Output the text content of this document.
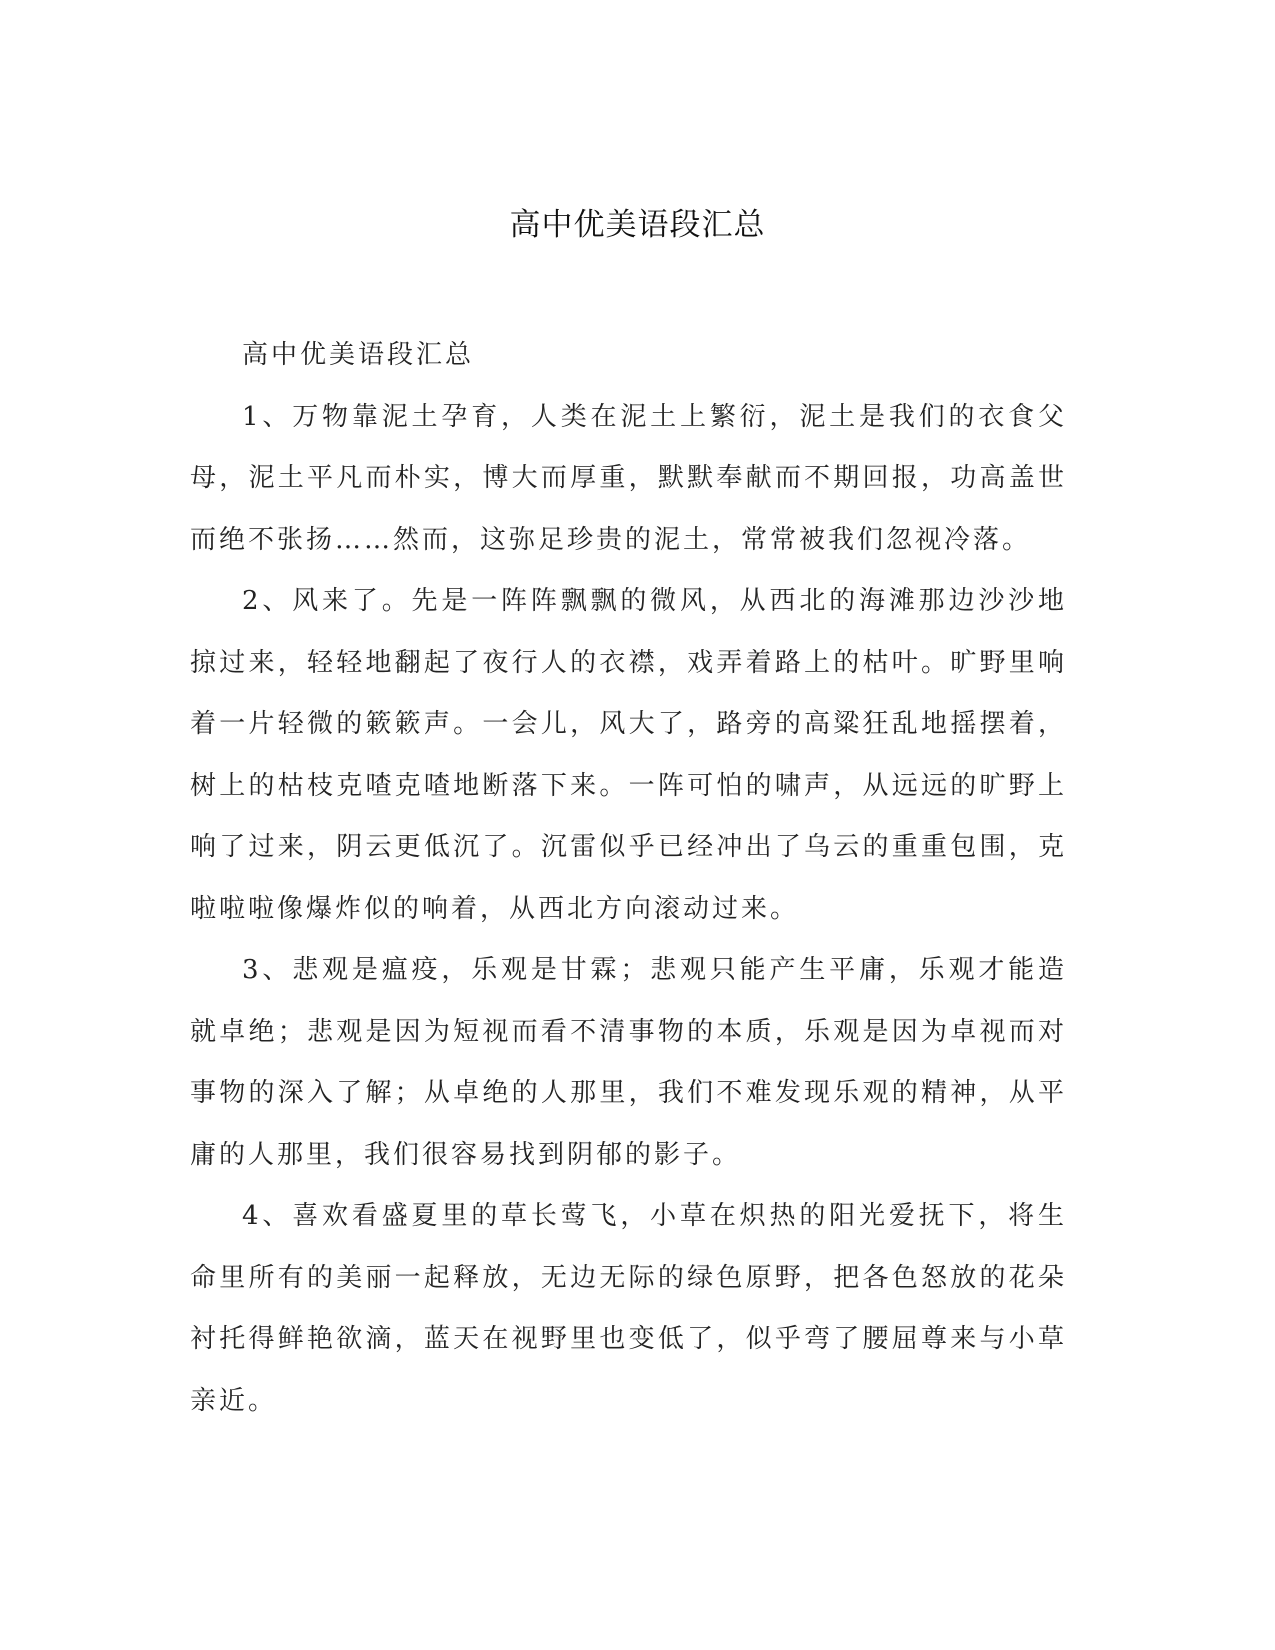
高中优美语段汇总

高中优美语段汇总

1、万物靠泥土孕育，人类在泥土上繁衍，泥土是我们的衣食父母，泥土平凡而朴实，博大而厚重，默默奉献而不期回报，功高盖世而绝不张扬……然而，这弥足珍贵的泥土，常常被我们忽视冷落。

2、风来了。先是一阵阵飘飘的微风，从西北的海滩那边沙沙地掠过来，轻轻地翻起了夜行人的衣襟，戏弄着路上的枯叶。旷野里响着一片轻微的簌簌声。一会儿，风大了，路旁的高粱狂乱地摇摆着，树上的枯枝克喳克喳地断落下来。一阵可怕的啸声，从远远的旷野上响了过来，阴云更低沉了。沉雷似乎已经冲出了乌云的重重包围，克啦啦啦像爆炸似的响着，从西北方向滚动过来。

3、悲观是瘟疫，乐观是甘霖；悲观只能产生平庸，乐观才能造就卓绝；悲观是因为短视而看不清事物的本质，乐观是因为卓视而对事物的深入了解；从卓绝的人那里，我们不难发现乐观的精神，从平庸的人那里，我们很容易找到阴郁的影子。

4、喜欢看盛夏里的草长莺飞，小草在炽热的阳光爱抚下，将生命里所有的美丽一起释放，无边无际的绿色原野，把各色怒放的花朵衬托得鲜艳欲滴，蓝天在视野里也变低了，似乎弯了腰屈尊来与小草亲近。
